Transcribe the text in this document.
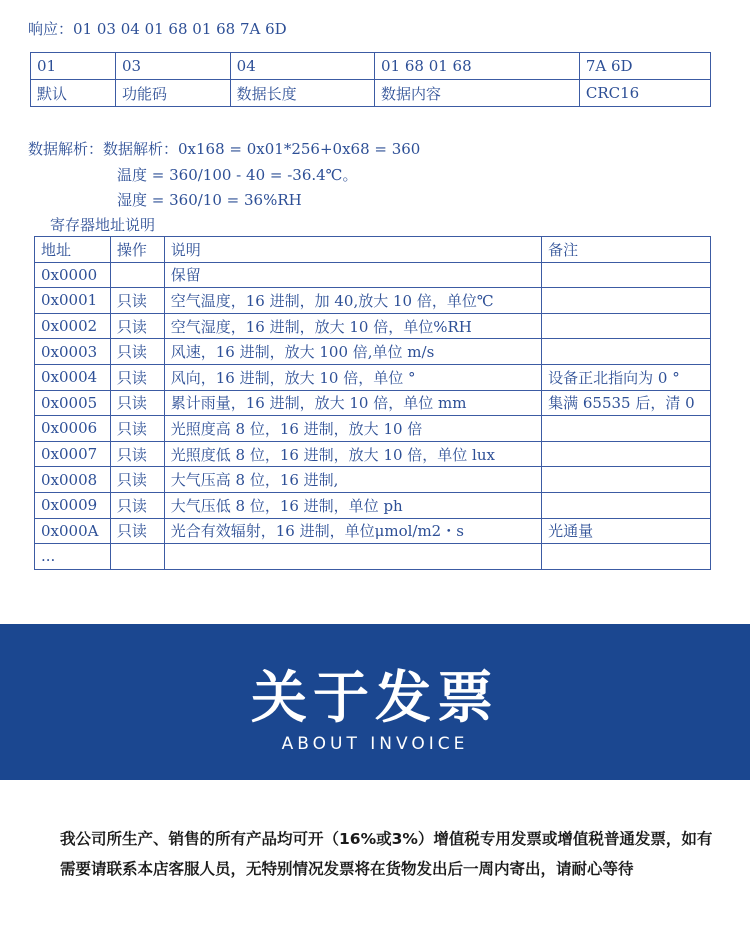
响应：01 03 04 01 68 01 68 7A 6D
01	03	04	01 68 01 68	7A 6D
默认	功能码	数据长度	数据内容	CRC16
数据解析：数据解析：0x168 = 0x01*256+0x68 = 360
温度 = 360/100 - 40 = -36.4℃。
湿度 = 360/10 = 36%RH
寄存器地址说明
地址	操作	说明	备注
0x0000		保留	
0x0001	只读	空气温度，16 进制，加 40,放大 10 倍，单位℃	
0x0002	只读	空气湿度，16 进制，放大 10 倍，单位%RH	
0x0003	只读	风速，16 进制，放大 100 倍,单位 m/s	
0x0004	只读	风向，16 进制，放大 10 倍，单位 °	设备正北指向为 0 °
0x0005	只读	累计雨量，16 进制，放大 10 倍，单位 mm	集满 65535 后，清 0
0x0006	只读	光照度高 8 位，16 进制，放大 10 倍	
0x0007	只读	光照度低 8 位，16 进制，放大 10 倍，单位 lux	
0x0008	只读	大气压高 8 位，16 进制,	
0x0009	只读	大气压低 8 位，16 进制，单位 ph	
0x000A	只读	光合有效辐射，16 进制，单位μmol/m2・s	光通量
...			
关于发票
ABOUT INVOICE
我公司所生产、销售的所有产品均可开（16%或3%）增值税专用发票或增值税普通发票，如有需要请联系本店客服人员，无特别情况发票将在货物发出后一周内寄出，请耐心等待
